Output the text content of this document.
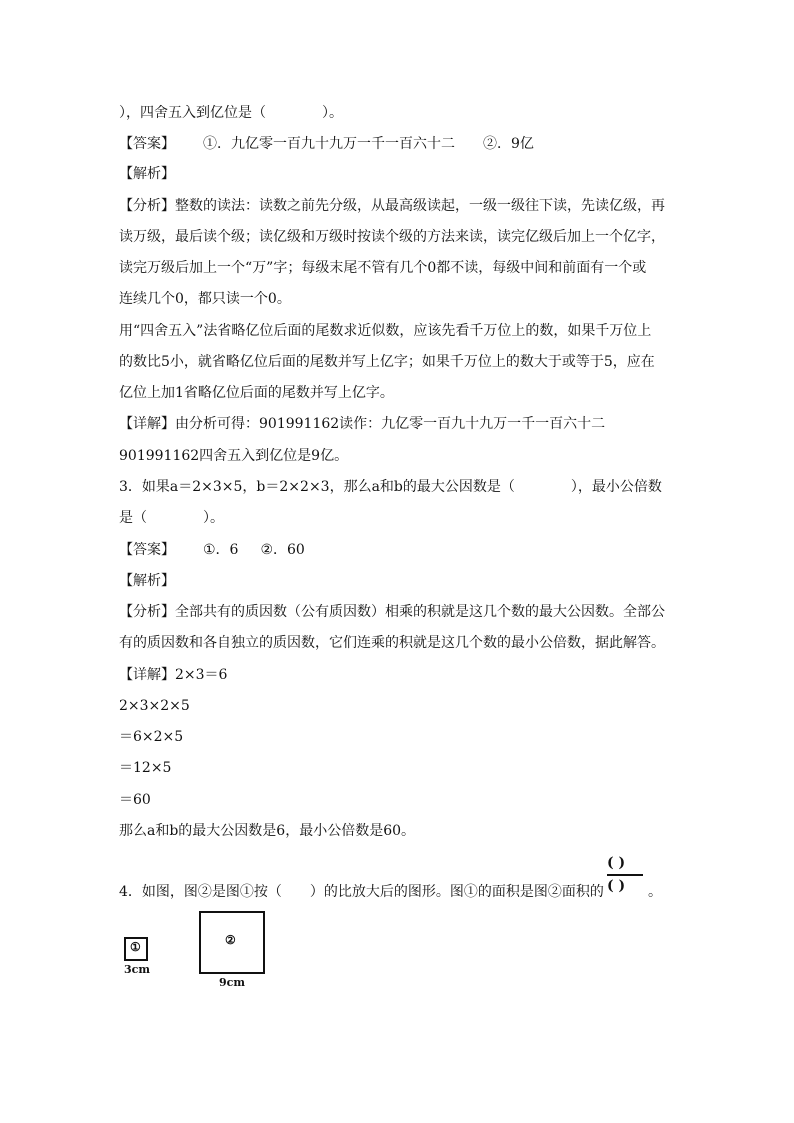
），四舍五入到亿位是（　　　　）。
【答案】 ①．九亿零一百九十九万一千一百六十二 ②．9亿
【解析】
【分析】整数的读法：读数之前先分级，从最高级读起，一级一级往下读，先读亿级，再
读万级，最后读个级；读亿级和万级时按读个级的方法来读，读完亿级后加上一个亿字，
读完万级后加上一个“万”字；每级末尾不管有几个0都不读，每级中间和前面有一个或
连续几个0，都只读一个0。
用“四舍五入”法省略亿位后面的尾数求近似数，应该先看千万位上的数，如果千万位上
的数比5小，就省略亿位后面的尾数并写上亿字；如果千万位上的数大于或等于5，应在
亿位上加1省略亿位后面的尾数并写上亿字。
【详解】由分析可得：901991162读作：九亿零一百九十九万一千一百六十二
901991162四舍五入到亿位是9亿。
3．如果a＝2×3×5，b＝2×2×3，那么a和b的最大公因数是（　　　　），最小公倍数
是（　　　　）。
【答案】 ①．6 ②．60
【解析】
【分析】全部共有的质因数（公有质因数）相乘的积就是这几个数的最大公因数。全部公
有的质因数和各自独立的质因数，它们连乘的积就是这几个数的最小公倍数，据此解答。
【详解】2×3＝6
2×3×2×5
＝6×2×5
＝12×5
＝60
那么a和b的最大公因数是6，最小公倍数是60。
4．如图，图②是图①按（　　）的比放大后的图形。图①的面积是图②面积的	。
( )
( )
①
3cm
②
9cm
